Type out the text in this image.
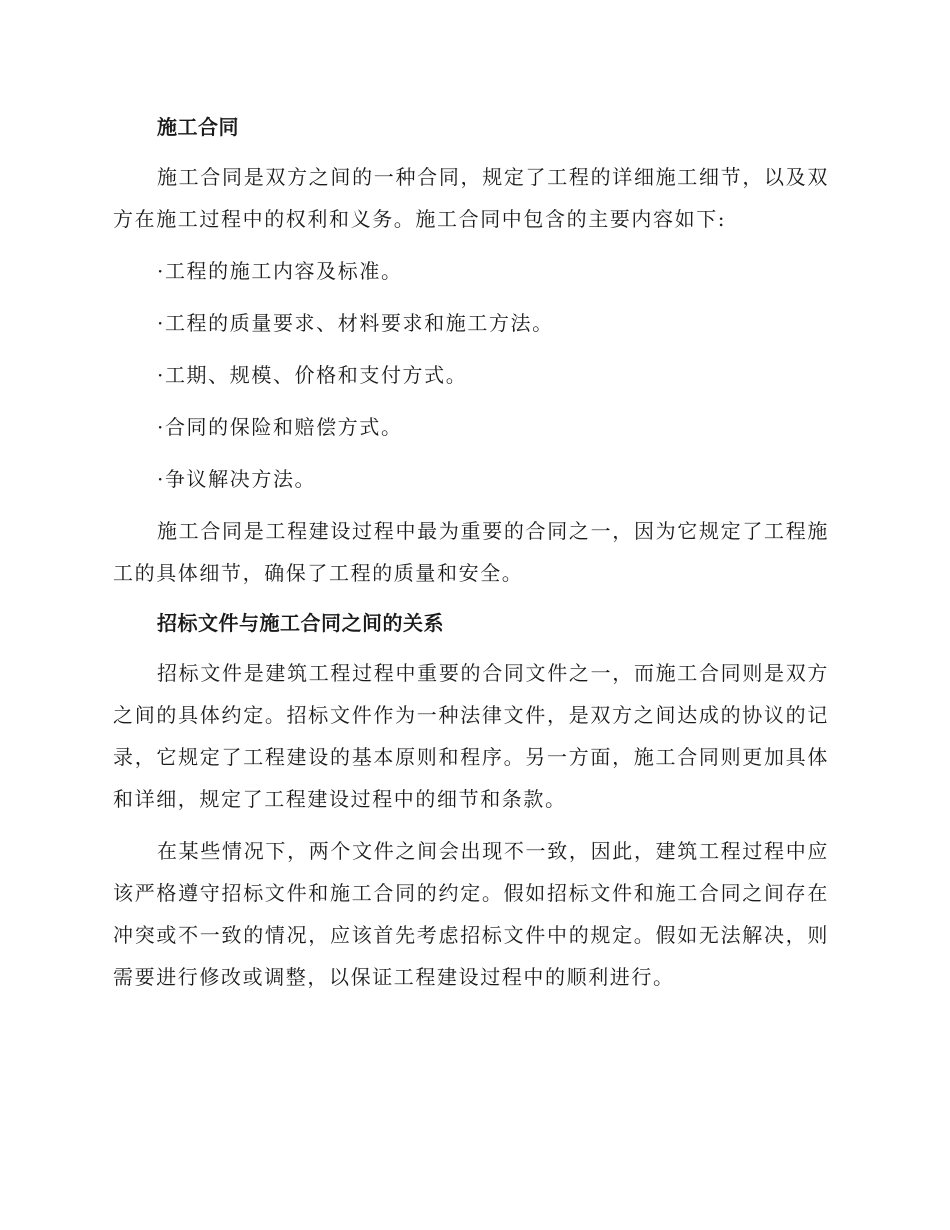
施工合同

施工合同是双方之间的一种合同，规定了工程的详细施工细节，以及双方在施工过程中的权利和义务。施工合同中包含的主要内容如下:

·工程的施工内容及标准。
·工程的质量要求、材料要求和施工方法。
·工期、规模、价格和支付方式。
·合同的保险和赔偿方式。
·争议解决方法。

施工合同是工程建设过程中最为重要的合同之一，因为它规定了工程施工的具体细节，确保了工程的质量和安全。

招标文件与施工合同之间的关系

招标文件是建筑工程过程中重要的合同文件之一，而施工合同则是双方之间的具体约定。招标文件作为一种法律文件，是双方之间达成的协议的记录，它规定了工程建设的基本原则和程序。另一方面，施工合同则更加具体和详细，规定了工程建设过程中的细节和条款。

在某些情况下，两个文件之间会出现不一致，因此，建筑工程过程中应该严格遵守招标文件和施工合同的约定。假如招标文件和施工合同之间存在冲突或不一致的情况，应该首先考虑招标文件中的规定。假如无法解决，则需要进行修改或调整，以保证工程建设过程中的顺利进行。
